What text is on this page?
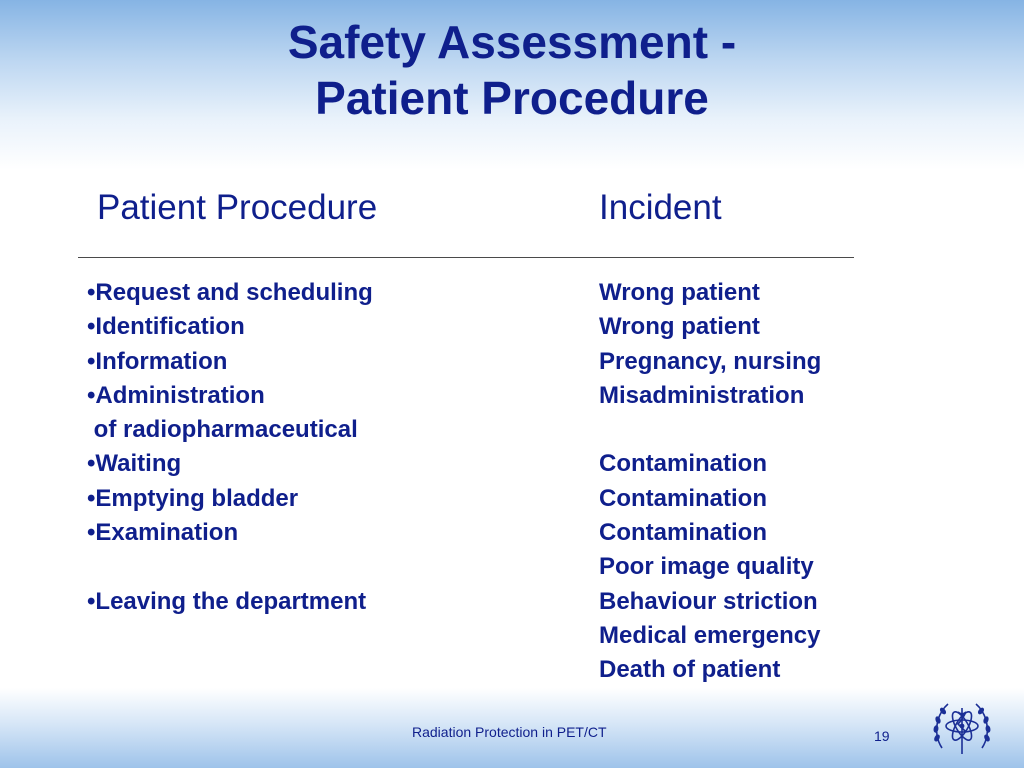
Safety Assessment -
Patient Procedure
Patient Procedure	Incident
•Request and scheduling
•Identification
•Information
•Administration
of radiopharmaceutical
•Waiting
•Emptying bladder
•Examination
•Leaving the department
Wrong patient
Wrong patient
Pregnancy, nursing
Misadministration
Contamination
Contamination
Contamination
Poor image quality
Behaviour striction
Medical emergency
Death of patient
Radiation Protection in PET/CT	19
